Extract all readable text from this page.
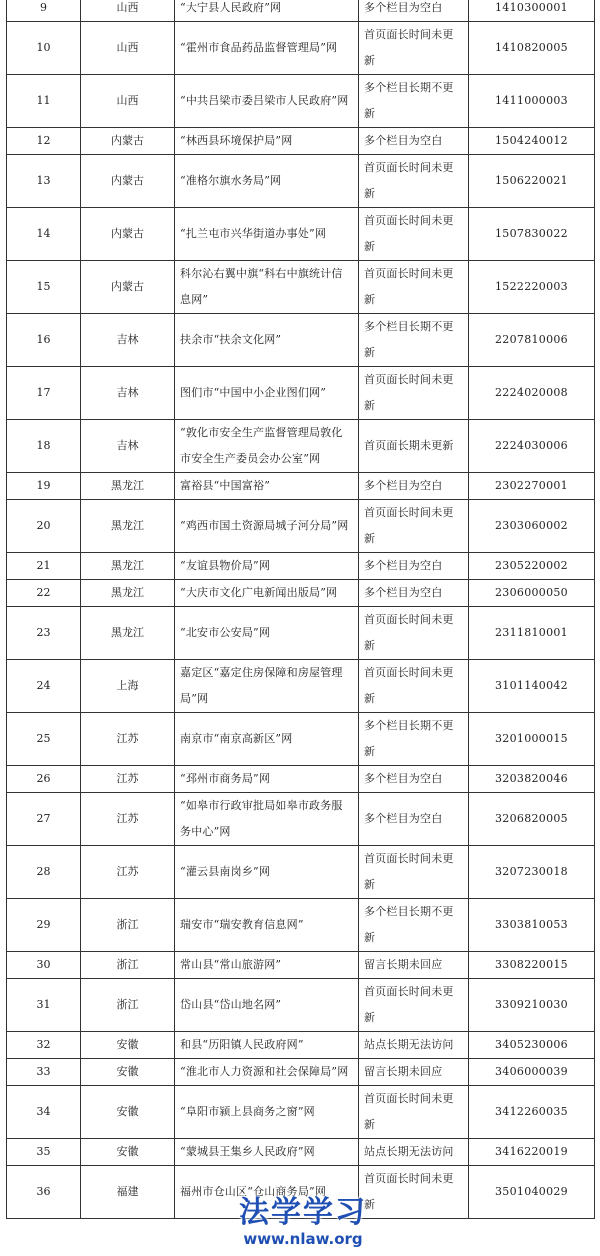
9	山西	“大宁县人民政府”网	多个栏目为空白	1410300001

10	山西	“霍州市食品药品监督管理局”网	首页面长时间未更新	1410820005

11	山西	“中共吕梁市委吕梁市人民政府”网	多个栏目长期不更新	1411000003

12	内蒙古	“林西县环境保护局”网	多个栏目为空白	1504240012

13	内蒙古	“准格尔旗水务局”网	首页面长时间未更新	1506220021

14	内蒙古	“扎兰屯市兴华街道办事处”网	首页面长时间未更新	1507830022

15	内蒙古	科尔沁右翼中旗“科右中旗统计信息网”	首页面长时间未更新	1522220003

16	吉林	扶余市“扶余文化网”	多个栏目长期不更新	2207810006

17	吉林	图们市“中国中小企业图们网”	首页面长时间未更新	2224020008

18	吉林	“敦化市安全生产监督管理局敦化市安全生产委员会办公室”网	首页面长期未更新	2224030006

19	黑龙江	富裕县“中国富裕”	多个栏目为空白	2302270001

20	黑龙江	“鸡西市国土资源局城子河分局”网	首页面长时间未更新	2303060002

21	黑龙江	“友谊县物价局”网	多个栏目为空白	2305220002

22	黑龙江	“大庆市文化广电新闻出版局”网	多个栏目为空白	2306000050

23	黑龙江	“北安市公安局”网	首页面长时间未更新	2311810001

24	上海	嘉定区“嘉定住房保障和房屋管理局”网	首页面长时间未更新	3101140042

25	江苏	南京市“南京高新区”网	多个栏目长期不更新	3201000015

26	江苏	“邳州市商务局”网	多个栏目为空白	3203820046

27	江苏	“如皋市行政审批局如皋市政务服务中心”网	多个栏目为空白	3206820005

28	江苏	“灌云县南岗乡”网	首页面长时间未更新	3207230018

29	浙江	瑞安市“瑞安教育信息网”	多个栏目长期不更新	3303810053

30	浙江	常山县“常山旅游网”	留言长期未回应	3308220015

31	浙江	岱山县“岱山地名网”	首页面长时间未更新	3309210030

32	安徽	和县“历阳镇人民政府网”	站点长期无法访问	3405230006

33	安徽	“淮北市人力资源和社会保障局”网	留言长期未回应	3406000039

34	安徽	“阜阳市颍上县商务之窗”网	首页面长时间未更新	3412260035

35	安徽	“蒙城县王集乡人民政府”网	站点长期无法访问	3416220019

36	福建	福州市仓山区“仓山商务局”网	首页面长时间未更新	3501040029
法学学习
www.nlaw.org
